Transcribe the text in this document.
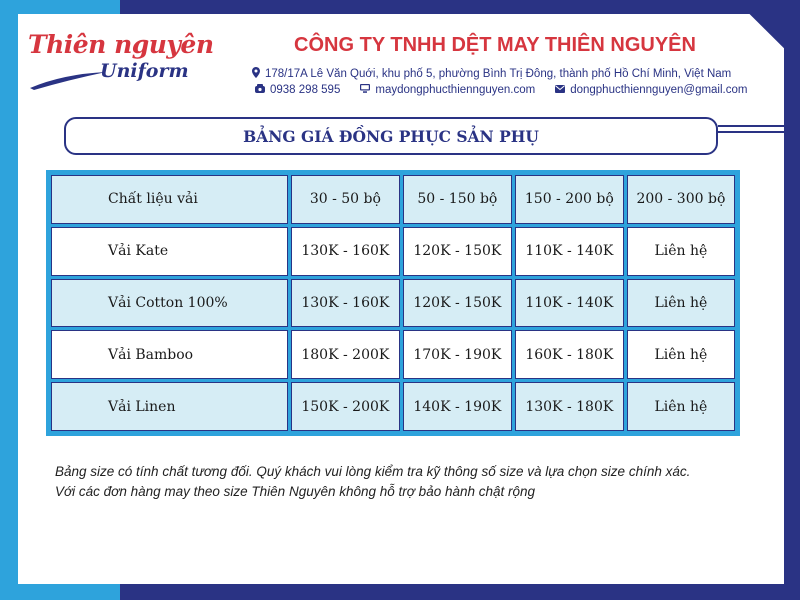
Thiên nguyên
Uniform
CÔNG TY TNHH DỆT MAY THIÊN NGUYÊN
178/17A Lê Văn Quới, khu phố 5, phường Bình Trị Đông, thành phố Hồ Chí Minh, Việt Nam
0938 298 595	maydongphucthiennguyen.com	dongphucthiennguyen@gmail.com
BẢNG GIÁ ĐỒNG PHỤC SẢN PHỤ
Chất liệu vải	30 - 50 bộ	50 - 150 bộ	150 - 200 bộ	200 - 300 bộ
Vải Kate	130K - 160K	120K - 150K	110K - 140K	Liên hệ
Vải Cotton 100%	130K - 160K	120K - 150K	110K - 140K	Liên hệ
Vải Bamboo	180K - 200K	170K - 190K	160K - 180K	Liên hệ
Vải Linen	150K - 200K	140K - 190K	130K - 180K	Liên hệ
Bảng size có tính chất tương đối. Quý khách vui lòng kiểm tra kỹ thông số size và lựa chọn size chính xác.
Với các đơn hàng may theo size Thiên Nguyên không hỗ trợ bảo hành chật rộng
